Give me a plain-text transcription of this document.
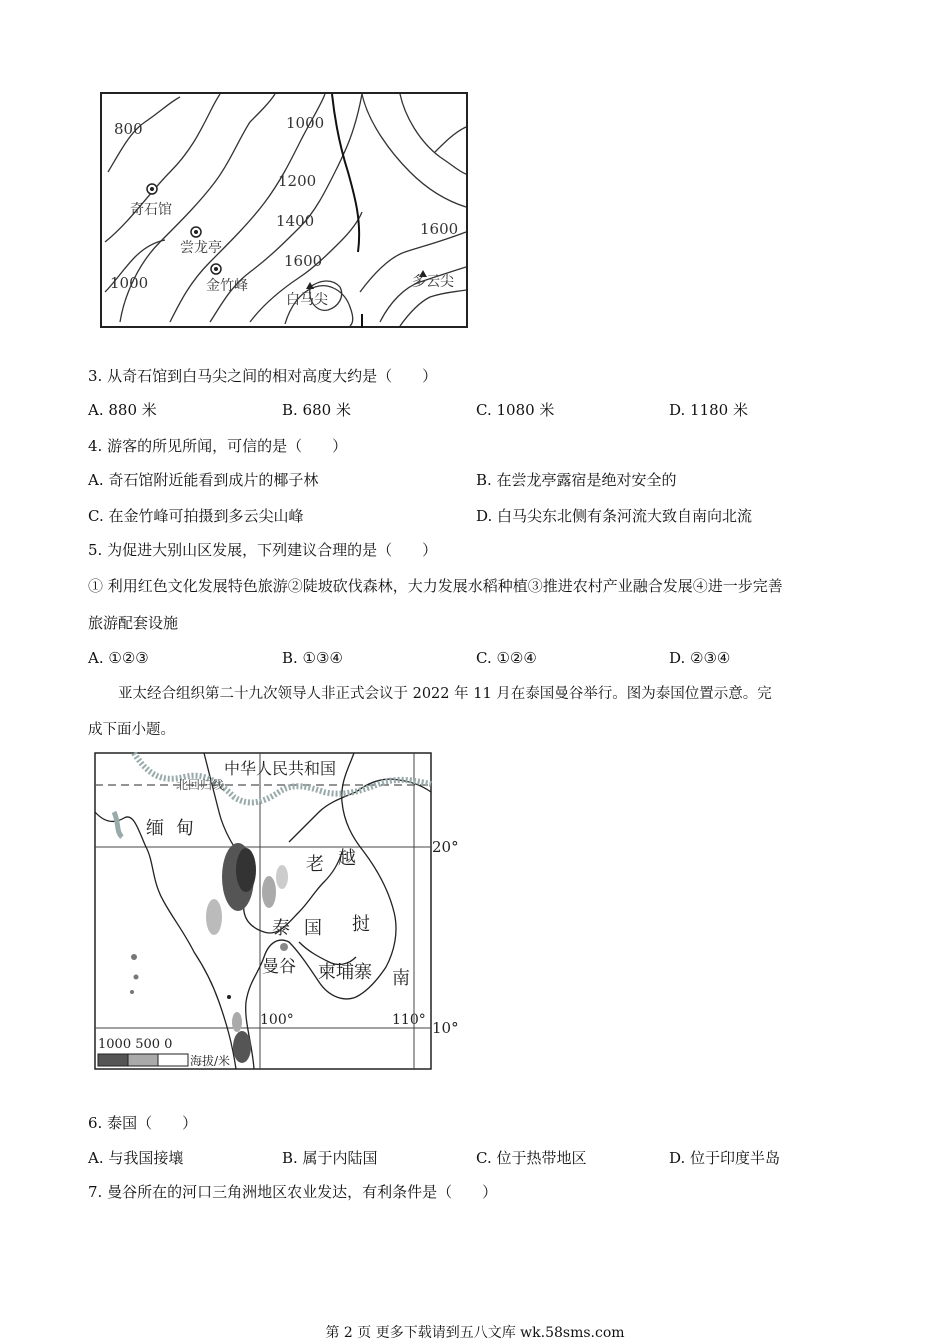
800	1000
1200
1400	1600
1600
1000
奇石馆
尝龙亭
金竹峰
白马尖
多云尖
3. 从奇石馆到白马尖之间的相对高度大约是（　　）
A. 880 米	B. 680 米	C. 1080 米	D. 1180 米
4. 游客的所见所闻，可信的是（　　）
A. 奇石馆附近能看到成片的椰子林	B. 在尝龙亭露宿是绝对安全的
C. 在金竹峰可拍摄到多云尖山峰	D. 白马尖东北侧有条河流大致自南向北流
5. 为促进大别山区发展，下列建议合理的是（　　）
① 利用红色文化发展特色旅游②陡坡砍伐森林，大力发展水稻种植③推进农村产业融合发展④进一步完善
旅游配套设施
A. ①②③	B. ①③④	C. ①②④	D. ②③④
亚太经合组织第二十九次领导人非正式会议于 2022 年 11 月在泰国曼谷举行。图为泰国位置示意。完
成下面小题。
北回归线
中华人民共和国
缅 甸
老 越
挝
南
泰 国
曼谷 柬埔寨
20°
10°
100°	110°
1000 500 0
海拔/米
6. 泰国（　　）
A. 与我国接壤	B. 属于内陆国	C. 位于热带地区	D. 位于印度半岛
7. 曼谷所在的河口三角洲地区农业发达，有利条件是（　　）
第 2 页 更多下载请到五八文库 wk.58sms.com
